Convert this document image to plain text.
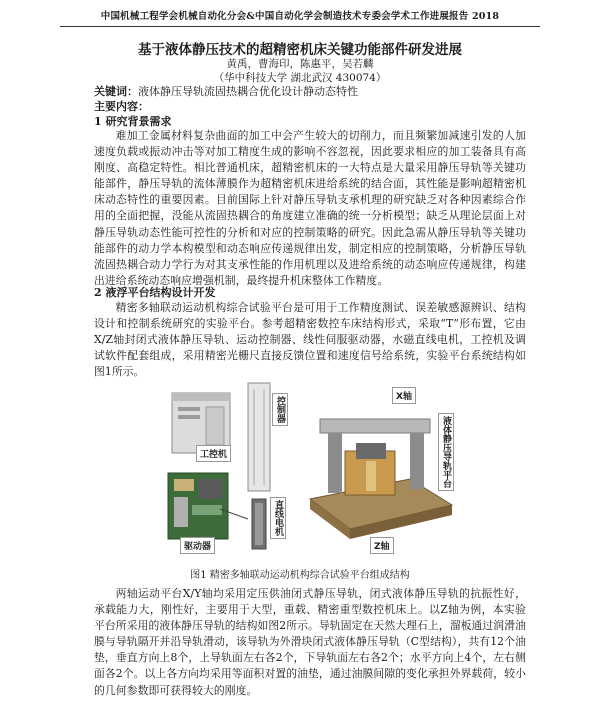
中国机械工程学会机械自动化分会&中国自动化学会制造技术专委会学术工作进展报告 2018
基于液体静压技术的超精密机床关键功能部件研发进展
黄禹，曹海印，陈惠平，吴若麟
（华中科技大学 湖北武汉 430074）
关键词：液体静压导轨流固热耦合优化设计静动态特性
主要内容：
1 研究背景需求
难加工金属材料复杂曲面的加工中会产生较大的切削力，而且频繁加减速引发的人加速度负载或振动冲击等对加工精度生成的影响不容忽视，因此要求相应的加工装备具有高刚度、高稳定特性。相比普通机床，超精密机床的一大特点是大量采用静压导轨等关键功能部件，静压导轨的流体薄膜作为超精密机床进给系统的结合面，其性能是影响超精密机床动态特性的重要因素。目前国际上针对静压导轨支承机理的研究缺乏对各种因素综合作用的全面把握，没能从流固热耦合的角度建立准确的统一分析模型；缺乏从理论层面上对静压导轨动态性能可控性的分析和对应的控制策略的研究。因此急需从静压导轨等关键功能部件的动力学本构模型和动态响应传递规律出发，制定相应的控制策略，分析静压导轨流固热耦合动力学行为对其支承性能的作用机理以及进给系统的动态响应传递规律，构建出进给系统动态响应增强机制，最终提升机床整体工作精度。
2 液浮平台结构设计开发
精密多轴联动运动机构综合试验平台是可用于工作精度测试、误差敏感源辨识、结构设计和控制系统研究的实验平台。参考超精密数控车床结构形式，采取“T”形布置，它由X/Z轴封闭式液体静压导轨、运动控制器、线性伺服驱动器，水磁直线电机，工控机及调试软件配套组成，采用精密光栅尺直接反馈位置和速度信号给系统，实验平台系统结构如图1所示。
工控机
控制器
驱动器
直线电机
X轴
Z轴
液体静压导轨平台
图1 精密多轴联动运动机构综合试验平台组成结构
两轴运动平台X/Y轴均采用定压供油闭式静压导轨，闭式液体静压导轨的抗振性好，承载能力大，刚性好，主要用于大型，重载、精密重型数控机床上。以Z轴为例，本实验平台所采用的液体静压导轨的结构如图2所示。导轨固定在天然大理石上，溜板通过润滑油膜与导轨隔开并沿导轨滑动，该导轨为外滑块闭式液体静压导轨（C型结构），共有12个油垫，垂直方向上8个，上导轨面左右各2个，下导轨面左右各2个；水平方向上4个，左右侧面各2个。以上各方向均采用等面积对置的油垫，通过油膜间隙的变化承担外界载荷，较小的几何参数即可获得较大的刚度。
